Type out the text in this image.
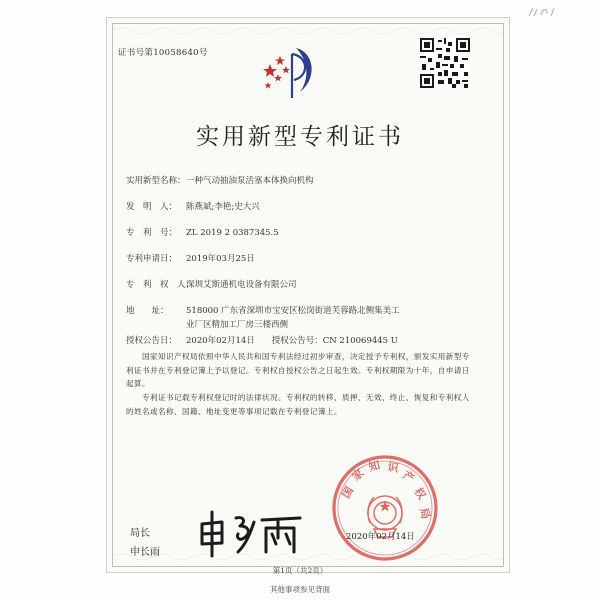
证书号第10058640号
实用新型专利证书
实用新型名称：一种气动抽油泵活塞本体换向机构
发　明　人： 陈燕斌;李艳;史大兴
专　利　号： ZL 2019 2 0387345.5
专利申请日： 2019年03月25日
专　利　权　人：深圳艾斯通机电设备有限公司
地　　址： 518000 广东省深圳市宝安区松岗街道芙蓉路北侧集美工
业厂区精加工厂房三楼西侧
授权公告日： 2020年02月14日　　授权公告号：CN 210069445 U
国家知识产权局依照中华人民共和国专利法经过初步审查，决定授予专利权，颁发实用新型专利证书并在专利登记簿上予以登记。专利权自授权公告之日起生效。专利权期限为十年，自申请日起算。
专利证书记载专利权登记时的法律状况。专利权的转移、质押、无效、终止、恢复和专利权人的姓名或名称、国籍、地址变更等事项记载在专利登记簿上。
局长
申长雨
国
家
知 识
产
权
局
2020年02月14日
第1页（共2页）
其他事项参见背面
